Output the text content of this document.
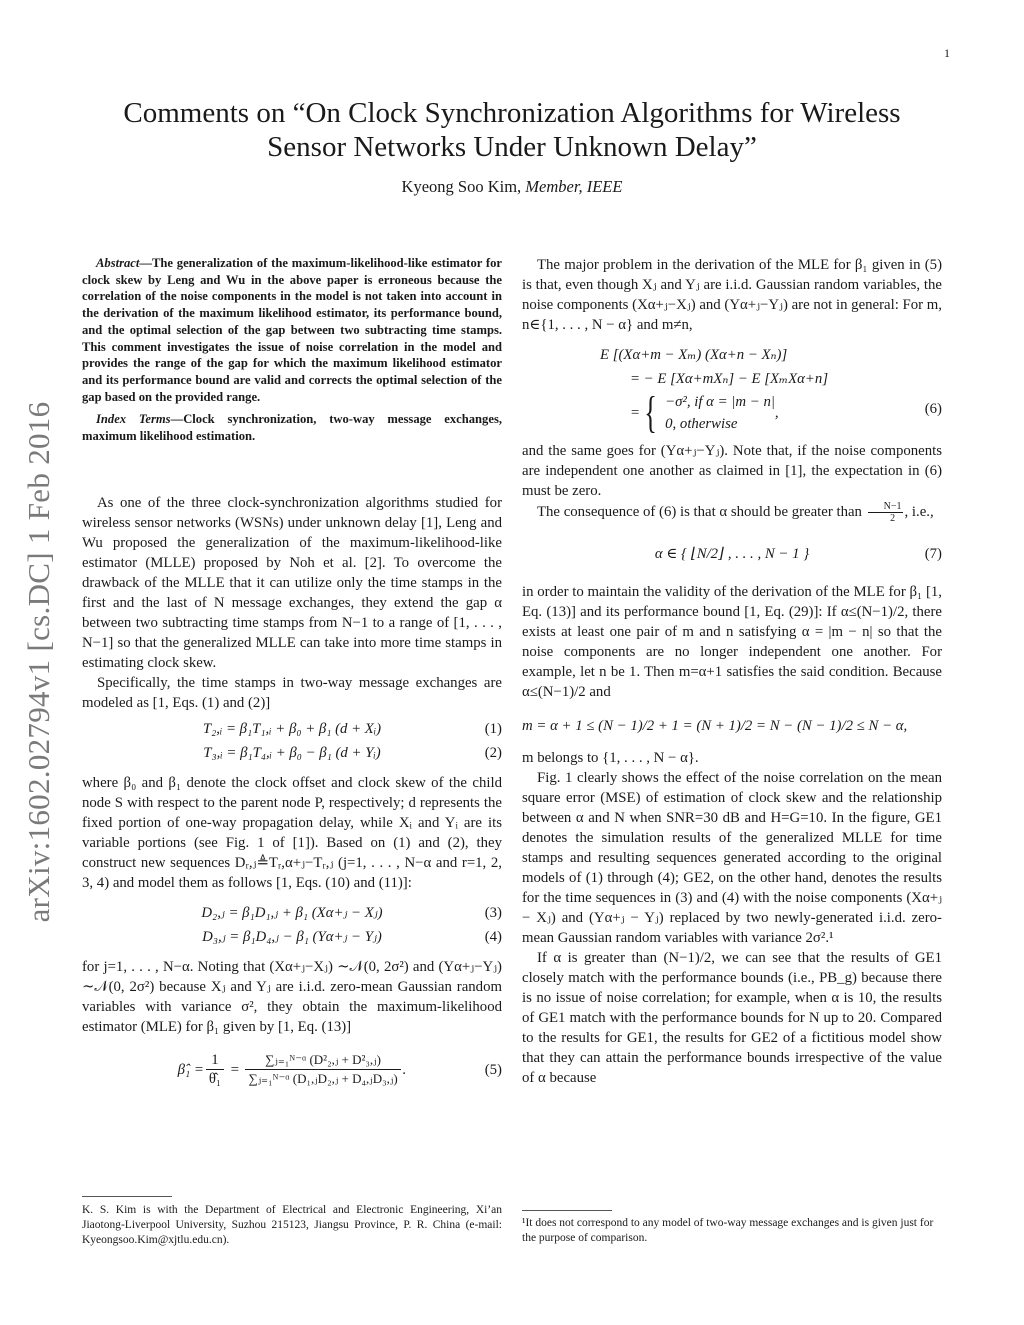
1
arXiv:1602.02794v1 [cs.DC] 1 Feb 2016
Comments on “On Clock Synchronization Algorithms for Wireless
Sensor Networks Under Unknown Delay”
Kyeong Soo Kim, Member, IEEE

Abstract—The generalization of the maximum-likelihood-like estimator for clock skew by Leng and Wu in the above paper is erroneous because the correlation of the noise components in the model is not taken into account in the derivation of the maximum likelihood estimator, its performance bound, and the optimal selection of the gap between two subtracting time stamps. This comment investigates the issue of noise correlation in the model and provides the range of the gap for which the maximum likelihood estimator and its performance bound are valid and corrects the optimal selection of the gap based on the provided range.

Index Terms—Clock synchronization, two-way message exchanges, maximum likelihood estimation.

As one of the three clock-synchronization algorithms studied for wireless sensor networks (WSNs) under unknown delay [1], Leng and Wu proposed the generalization of the maximum-likelihood-like estimator (MLLE) proposed by Noh et al. [2]. To overcome the drawback of the MLLE that it can utilize only the time stamps in the first and the last of N message exchanges, they extend the gap α between two subtracting time stamps from N−1 to a range of [1, . . . , N−1] so that the generalized MLLE can take into more time stamps in estimating clock skew.

Specifically, the time stamps in two-way message exchanges are modeled as [1, Eqs. (1) and (2)]

T₂,ᵢ = β₁T₁,ᵢ + β₀ + β₁ (d + Xᵢ)	(1)
T₃,ᵢ = β₁T₄,ᵢ + β₀ − β₁ (d + Yᵢ)	(2)

where β₀ and β₁ denote the clock offset and clock skew of the child node S with respect to the parent node P, respectively; d represents the fixed portion of one-way propagation delay, while Xᵢ and Yᵢ are its variable portions (see Fig. 1 of [1]). Based on (1) and (2), they construct new sequences Dᵣ,ⱼ≜Tᵣ,α+ⱼ−Tᵣ,ⱼ (j=1, . . . , N−α and r=1, 2, 3, 4) and model them as follows [1, Eqs. (10) and (11)]:

D₂,ⱼ = β₁D₁,ⱼ + β₁ (Xα+ⱼ − Xⱼ)	(3)
D₃,ⱼ = β₁D₄,ⱼ − β₁ (Yα+ⱼ − Yⱼ)	(4)

for j=1, . . . , N−α. Noting that (Xα+ⱼ−Xⱼ) ∼𝒩(0, 2σ²) and (Yα+ⱼ−Yⱼ) ∼𝒩(0, 2σ²) because Xⱼ and Yⱼ are i.i.d. zero-mean Gaussian random variables with variance σ², they obtain the maximum-likelihood estimator (MLE) for β₁ given by [1, Eq. (13)]

β̂₁ = $\frac{1}{\text{θ̂₁}} = \frac{\text{∑ⱼ₌₁ᴺ⁻ᵅ (D²₂,ⱼ + D²₃,ⱼ)}}{\text{∑ⱼ₌₁ᴺ⁻ᵅ (D₁,ⱼD₂,ⱼ + D₄,ⱼD₃,ⱼ)}}$ .	(5)
K. S. Kim is with the Department of Electrical and Electronic Engineering, Xi’an Jiaotong-Liverpool University, Suzhou 215123, Jiangsu Province, P. R. China (e-mail: Kyeongsoo.Kim@xjtlu.edu.cn).

The major problem in the derivation of the MLE for β₁ given in (5) is that, even though Xⱼ and Yⱼ are i.i.d. Gaussian random variables, the noise components (Xα+ⱼ−Xⱼ) and (Yα+ⱼ−Yⱼ) are not in general: For m, n∈{1, . . . , N − α} and m≠n,

E [(Xα+m − Xₘ) (Xα+n − Xₙ)]
= − E [Xα+mXₙ] − E [XₘXα+n]
= { −σ², if α = |m − n|
0, otherwise
,	(6)

and the same goes for (Yα+ⱼ−Yⱼ). Note that, if the noise components are independent one another as claimed in [1], the expectation in (6) must be zero.

The consequence of (6) is that α should be greater than $\frac{N-1}{2}$ , i.e.,

α ∈ { ⌊N/2⌋ , . . . , N − 1 }	(7)

in order to maintain the validity of the derivation of the MLE for β₁ [1, Eq. (13)] and its performance bound [1, Eq. (29)]: If α≤(N−1)/2, there exists at least one pair of m and n satisfying α = |m − n| so that the noise components are no longer independent one another. For example, let n be 1. Then m=α+1 satisfies the said condition. Because α≤(N−1)/2 and

m = α + 1 ≤ (N − 1)/2 + 1 = (N + 1)/2 = N − (N − 1)/2 ≤ N − α,

m belongs to {1, . . . , N − α}.

Fig. 1 clearly shows the effect of the noise correlation on the mean square error (MSE) of estimation of clock skew and the relationship between α and N when SNR=30 dB and H=G=10. In the figure, GE1 denotes the simulation results of the generalized MLLE for time stamps and resulting sequences generated according to the original models of (1) through (4); GE2, on the other hand, denotes the results for the time sequences in (3) and (4) with the noise components (Xα+ⱼ − Xⱼ) and (Yα+ⱼ − Yⱼ) replaced by two newly-generated i.i.d. zero-mean Gaussian random variables with variance 2σ².¹

If α is greater than (N−1)/2, we can see that the results of GE1 closely match with the performance bounds (i.e., PB_g) because there is no issue of noise correlation; for example, when α is 10, the results of GE1 match with the performance bounds for N up to 20. Compared to the results for GE1, the results for GE2 of a fictitious model show that they can attain the performance bounds irrespective of the value of α because

¹It does not correspond to any model of two-way message exchanges and is given just for the purpose of comparison.
